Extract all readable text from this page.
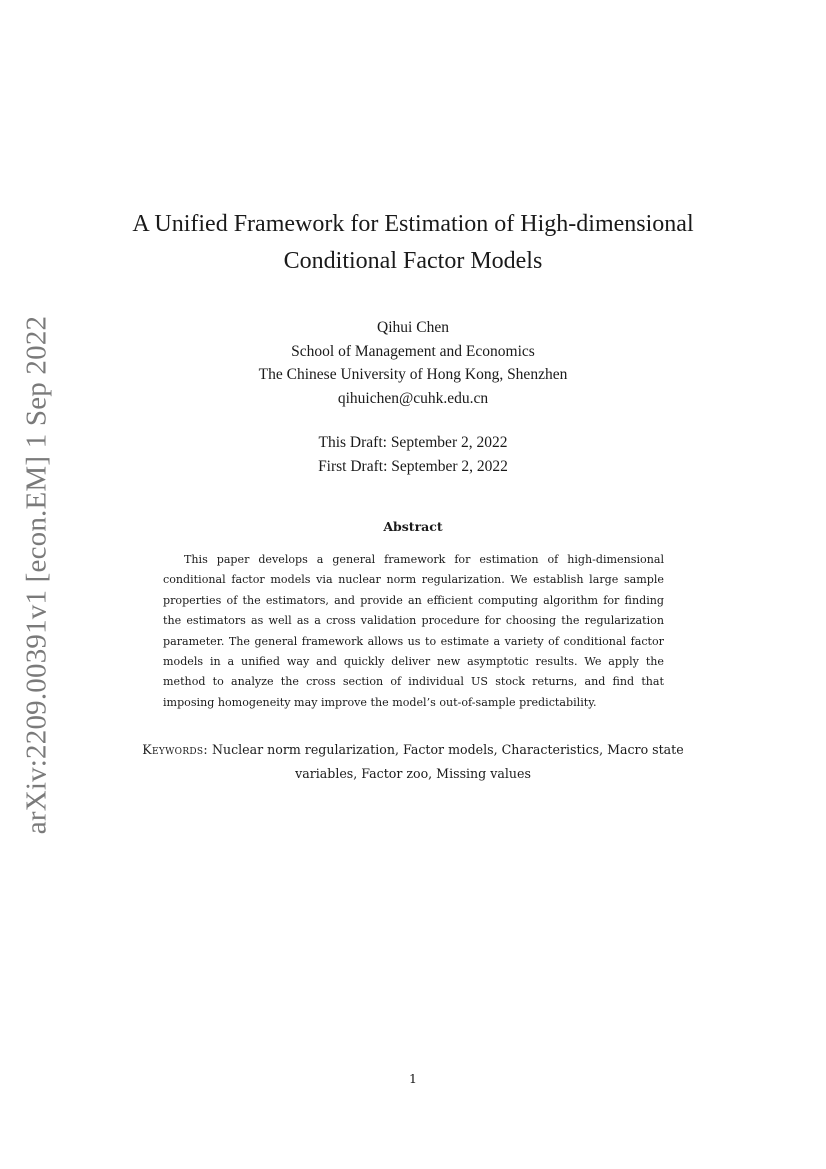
arXiv:2209.00391v1 [econ.EM] 1 Sep 2022
A Unified Framework for Estimation of High-dimensional
Conditional Factor Models
Qihui Chen
School of Management and Economics
The Chinese University of Hong Kong, Shenzhen
qihuichen@cuhk.edu.cn
This Draft: September 2, 2022
First Draft: September 2, 2022
Abstract
This paper develops a general framework for estimation of high-dimensional conditional factor models via nuclear norm regularization. We establish large sample properties of the estimators, and provide an efficient computing algorithm for finding the estimators as well as a cross validation procedure for choosing the regularization parameter. The general framework allows us to estimate a variety of conditional factor models in a unified way and quickly deliver new asymptotic results. We apply the method to analyze the cross section of individual US stock returns, and find that imposing homogeneity may improve the model’s out-of-sample predictability.
Keywords: Nuclear norm regularization, Factor models, Characteristics, Macro state variables, Factor zoo, Missing values
1
